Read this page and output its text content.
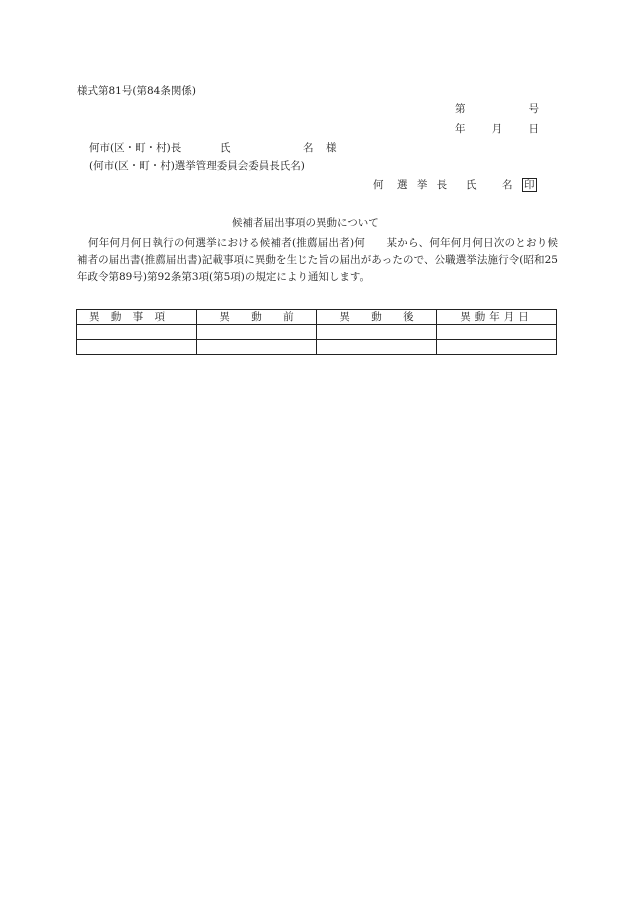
様式第81号(第84条関係)
第	号
年	月	日
何市(区・町・村)長	氏	名 様
(何市(区・町・村)選挙管理委員会委員長氏名)
何 選 挙 長 氏 名 印
候補者届出事項の異動について
何年何月何日執行の何選挙における候補者(推薦届出者)何　　某から、何年何月何日次のとおり候補者の届出書(推薦届出書)記載事項に異動を生じた旨の届出があったので、公職選挙法施行令(昭和25年政令第89号)第92条第3項(第5項)の規定により通知します。
異 動 事 項	異 動 前	異 動 後	異動年月日
